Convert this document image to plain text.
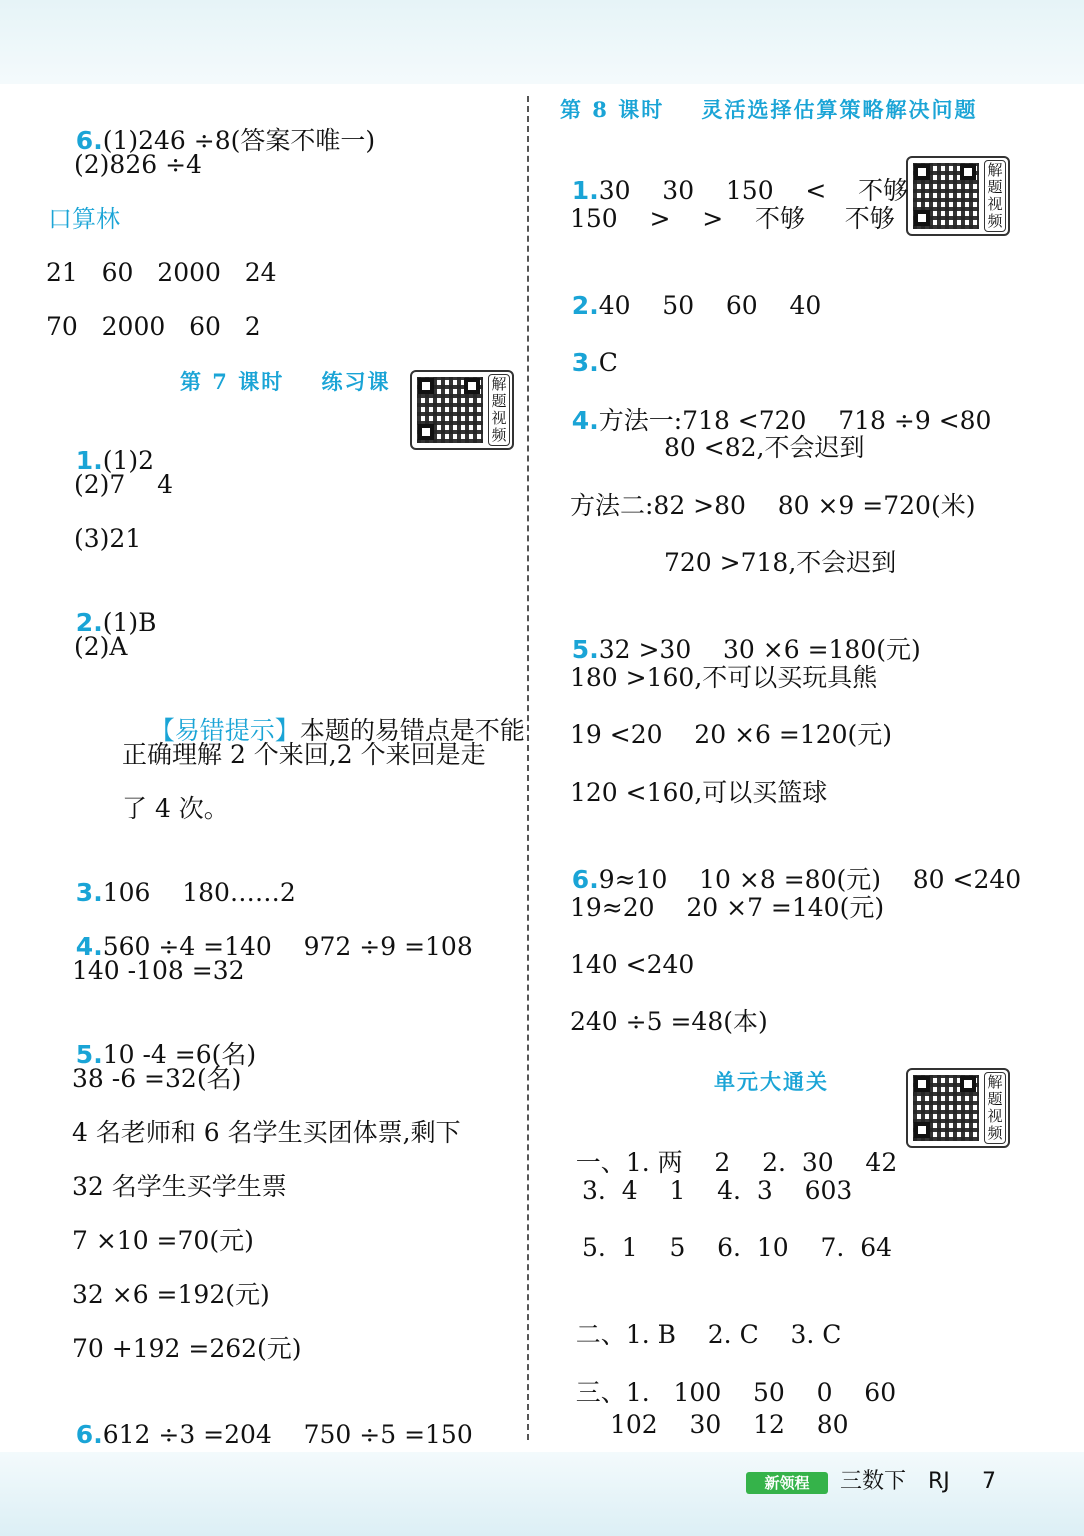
6.(1)246 ÷8(答案不唯一)

(2)826 ÷4
口算林
21   60   2000   24
70   2000   60   2
第 7 课时    练习课	解题视频

1.(1)2

(2)7    4
(3)21

2.(1)B

(2)A

【易错提示】本题的易错点是不能

正确理解 2 个来回,2 个来回是走
了 4 次。

3.106    180……2

4.560 ÷4 =140    972 ÷9 =108

140 -108 =32

5.10 -4 =6(名)

38 -6 =32(名)
4 名老师和 6 名学生买团体票,剩下
32 名学生买学生票
7 ×10 =70(元)
32 ×6 =192(元)
70 +192 =262(元)

6.612 ÷3 =204    750 ÷5 =150

第 8 课时    灵活选择估算策略解决问题
解题视频

1.30    30    150    <    不够

150    >    >    不够     不够

2.40    50    60    40

3.C

4.方法一:718 <720    718 ÷9 <80

80 <82,不会迟到
方法二:82 >80    80 ×9 =720(米)
720 >718,不会迟到

5.32 >30    30 ×6 =180(元)

180 >160,不可以买玩具熊
19 <20    20 ×6 =120(元)
120 <160,可以买篮球

6.9≈10    10 ×8 =80(元)    80 <240

19≈20    20 ×7 =140(元)
140 <240
240 ÷5 =48(本)
单元大通关	解题视频

一、1. 两    2    2.  30    42

3.  4    1    4.  3    603
5.  1    5    6.  10    7.  64

二、1. B    2. C    3. C

三、1.   100    50    0    60

102    30    12    80
新领程	三数下 RJ 7
